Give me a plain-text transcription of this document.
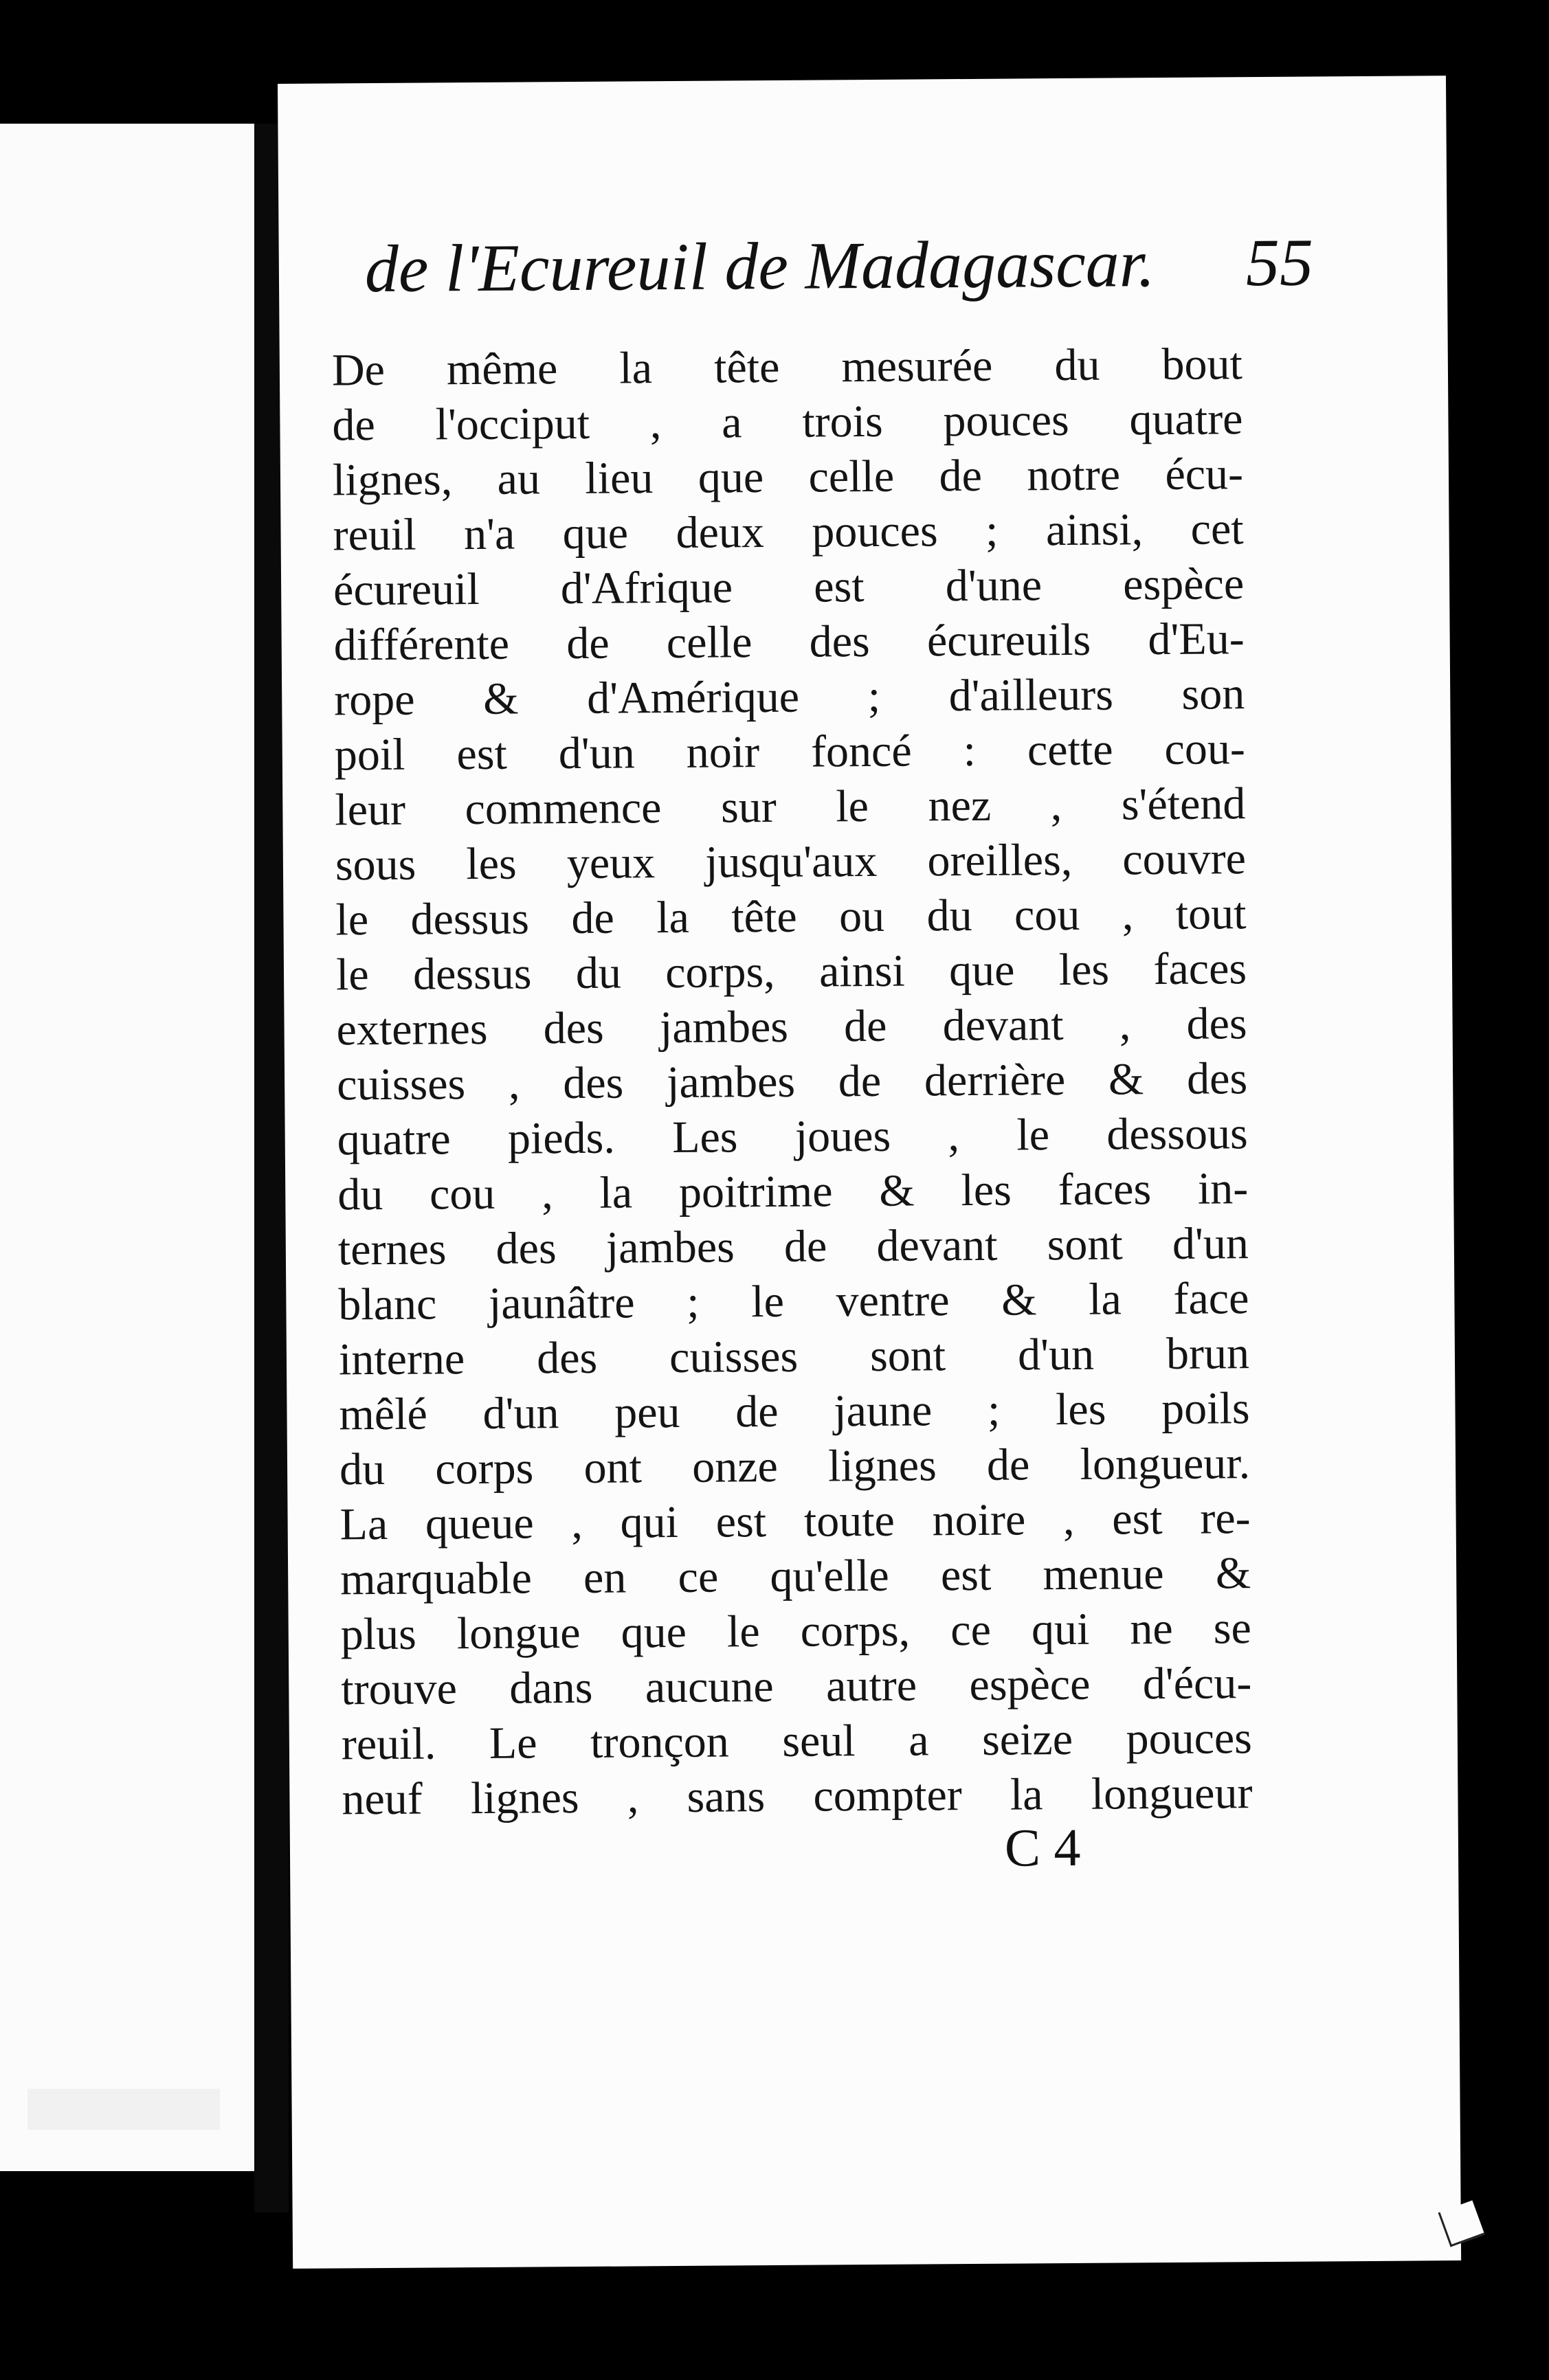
de l'Ecureuil de Madagascar. 55
De même la tête mesurée du bout
de l'occiput , a trois pouces quatre
lignes, au lieu que celle de notre écu-
reuil n'a que deux pouces ; ainsi, cet
écureuil d'Afrique est d'une espèce
différente de celle des écureuils d'Eu-
rope & d'Amérique ; d'ailleurs son
poil est d'un noir foncé : cette cou-
leur commence sur le nez , s'étend
sous les yeux jusqu'aux oreilles, couvre
le dessus de la tête ou du cou , tout
le dessus du corps, ainsi que les faces
externes des jambes de devant , des
cuisses , des jambes de derrière & des
quatre pieds. Les joues , le dessous
du cou , la poitrime & les faces in-
ternes des jambes de devant sont d'un
blanc jaunâtre ; le ventre & la face
interne des cuisses sont d'un brun
mêlé d'un peu de jaune ; les poils
du corps ont onze lignes de longueur.
La queue , qui est toute noire , est re-
marquable en ce qu'elle est menue &
plus longue que le corps, ce qui ne se
trouve dans aucune autre espèce d'écu-
reuil. Le tronçon seul a seize pouces
neuf lignes , sans compter la longueur
C 4
